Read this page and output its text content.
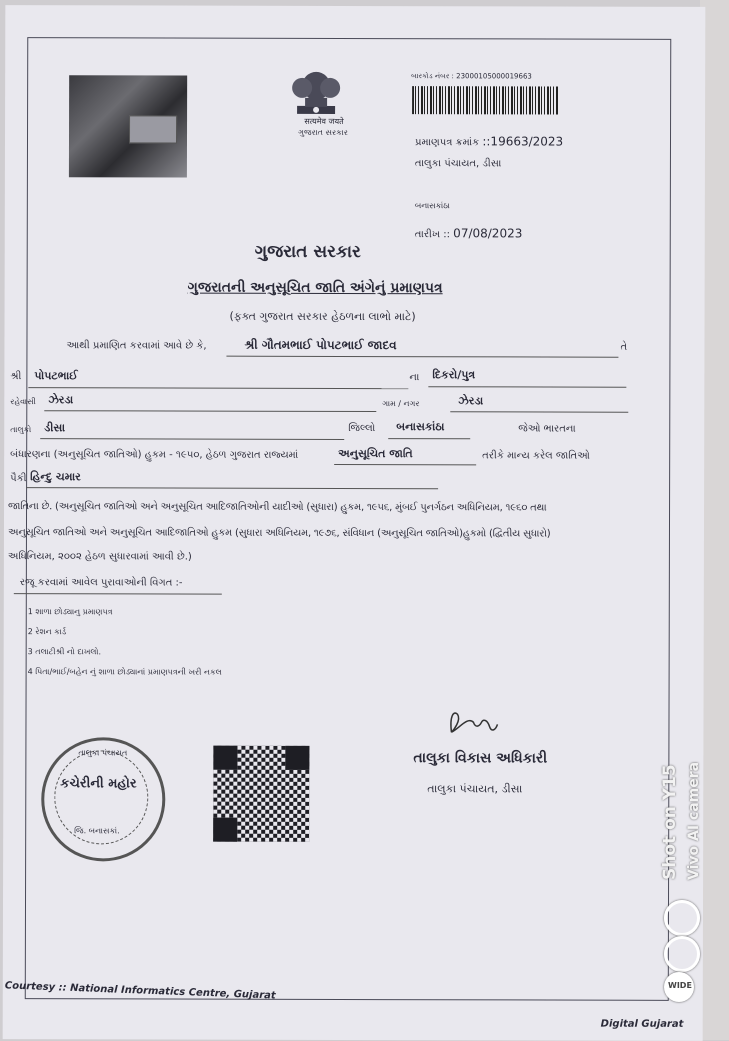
सत्यमेव जयते
ગુજરાત સરકાર
બારકોડ નંબર : 23000105000019663
પ્રમાણપત્ર ક્રમાંક ::19663/2023
તાલુકા પંચાયત, ડીસા
બનાસકાંઠા
તારીખ :: 07/08/2023
ગુજરાત સરકાર
ગુજરાતની અનુસૂચિત જાતિ અંગેનું પ્રમાણપત્ર
(ફક્ત ગુજરાત સરકાર હેઠળના લાભો માટે)
આથી પ્રમાણિત કરવામાં આવે છે કે,	શ્રી ગૌતમભાઈ પોપટભાઈ જાદવ	તે
શ્રી પોપટભાઈ	ના દિકરો/પુત્ર
રહેવાસી ઝેરડા	ગામ / નગર	ઝેરડા
તાલુકો ડીસા	જિલ્લો બનાસકાંઠા	જેઓ ભારતના
બંધારણના (અનુસૂચિત જાતિઓ) હુકમ - ૧૯૫૦, હેઠળ ગુજરાત રાજ્યમાં	અનુસૂચિત જાતિ	તરીકે માન્ય કરેલ જાતિઓ
પૈકી હિન્દુ ચમાર
જાતિના છે. (અનુસૂચિત જાતિઓ અને અનુસૂચિત આદિજાતિઓની યાદીઓ (સુધારા) હુકમ, ૧૯૫૬, મુંબઈ પુનર્ગઠન અધિનિયમ, ૧૯૬૦ તથા
અનુસૂચિત જાતિઓ અને અનુસૂચિત આદિજાતિઓ હુકમ (સુધારા અધિનિયમ, ૧૯૭૬, સંવિધાન (અનુસૂચિત જાતિઓ)હુકમો (દ્વિતીય સુધારો)
અધિનિયમ, ૨૦૦૨ હેઠળ સુધારવામાં આવી છે.)
રજૂ કરવામાં આવેલ પુરાવાઓની વિગત :-
1 શાળા છોડ્યાનુ પ્રમાણપત્ર
2 રેશન કાર્ડ
3 તલાટીશ્રી નો દાખલો.
4 પિતા/ભાઈ/બહેન નું શાળા છોડ્યાનાં પ્રમાણપત્રની ખરી નકલ
તાલુકા વિકાસ અધિકારી
તાલુકા પંચાયત, ડીસા
તાલુકા પંચાયત
કચેરીની મહોર
જિ. બનાસકાં.
Courtesy :: National Informatics Centre, Gujarat
Digital Gujarat
Shot on Y15 Vivo AI camera
WIDE
